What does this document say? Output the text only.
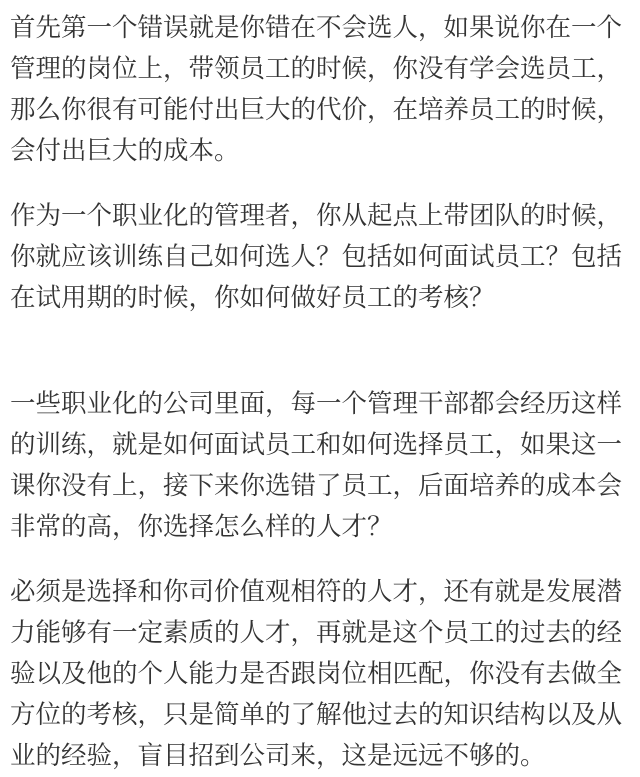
首先第一个错误就是你错在不会选人，如果说你在一个
管理的岗位上，带领员工的时候，你没有学会选员工，
那么你很有可能付出巨大的代价，在培养员工的时候，
会付出巨大的成本。
作为一个职业化的管理者，你从起点上带团队的时候，
你就应该训练自己如何选人？包括如何面试员工？包括
在试用期的时候，你如何做好员工的考核？
一些职业化的公司里面，每一个管理干部都会经历这样
的训练，就是如何面试员工和如何选择员工，如果这一
课你没有上，接下来你选错了员工，后面培养的成本会
非常的高，你选择怎么样的人才？
必须是选择和你司价值观相符的人才，还有就是发展潜
力能够有一定素质的人才，再就是这个员工的过去的经
验以及他的个人能力是否跟岗位相匹配，你没有去做全
方位的考核，只是简单的了解他过去的知识结构以及从
业的经验，盲目招到公司来，这是远远不够的。
